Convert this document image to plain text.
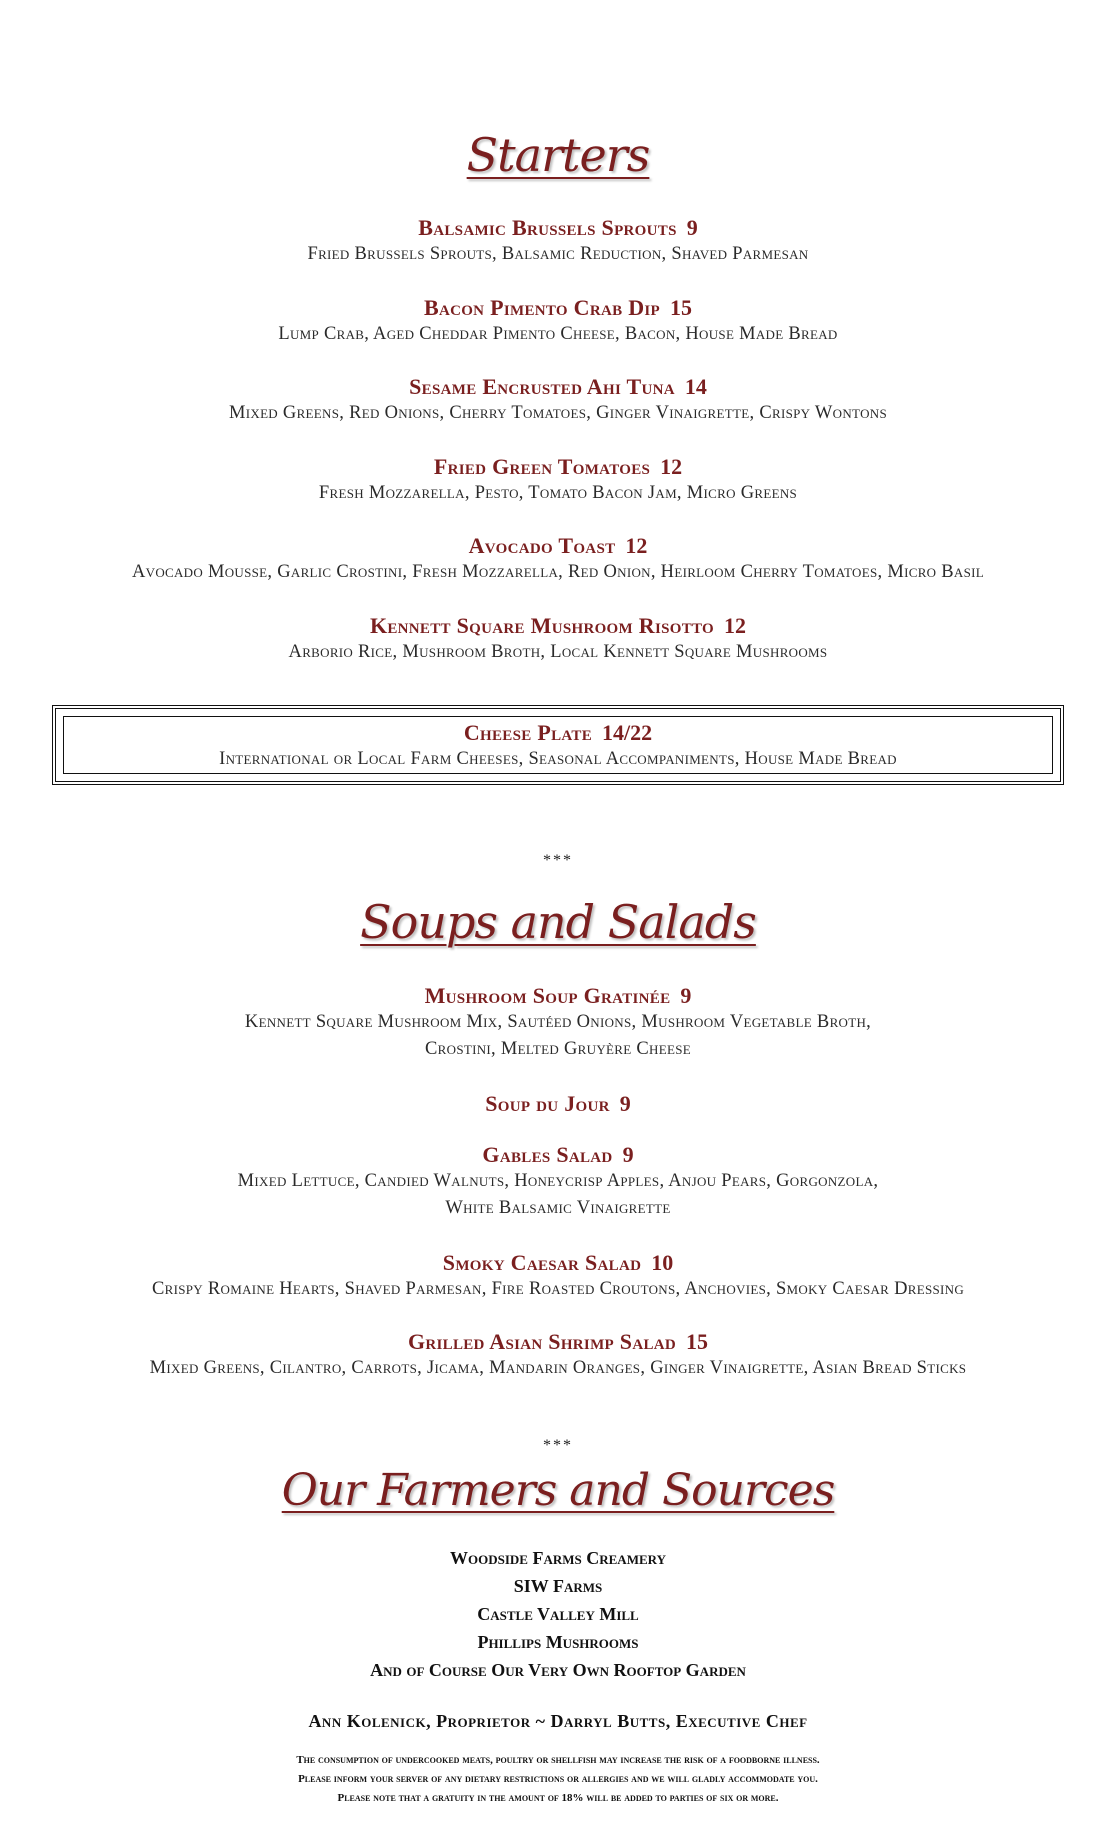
Starters
Balsamic Brussels Sprouts 9
Fried Brussels Sprouts, Balsamic Reduction, Shaved Parmesan
Bacon Pimento Crab Dip 15
Lump Crab, Aged Cheddar Pimento Cheese, Bacon, House Made Bread
Sesame Encrusted Ahi Tuna 14
Mixed Greens, Red Onions, Cherry Tomatoes, Ginger Vinaigrette, Crispy Wontons
Fried Green Tomatoes 12
Fresh Mozzarella, Pesto, Tomato Bacon Jam, Micro Greens
Avocado Toast 12
Avocado Mousse, Garlic Crostini, Fresh Mozzarella, Red Onion, Heirloom Cherry Tomatoes, Micro Basil
Kennett Square Mushroom Risotto 12
Arborio Rice, Mushroom Broth, Local Kennett Square Mushrooms
Cheese Plate 14/22
International or Local Farm Cheeses, Seasonal Accompaniments, House Made Bread
***
Soups and Salads
Mushroom Soup Gratinée 9
Kennett Square Mushroom Mix, Sautéed Onions, Mushroom Vegetable Broth,
Crostini, Melted Gruyère Cheese
Soup du Jour 9
Gables Salad 9
Mixed Lettuce, Candied Walnuts, Honeycrisp Apples, Anjou Pears, Gorgonzola,
White Balsamic Vinaigrette
Smoky Caesar Salad 10
Crispy Romaine Hearts, Shaved Parmesan, Fire Roasted Croutons, Anchovies, Smoky Caesar Dressing
Grilled Asian Shrimp Salad 15
Mixed Greens, Cilantro, Carrots, Jicama, Mandarin Oranges, Ginger Vinaigrette, Asian Bread Sticks
***
Our Farmers and Sources
Woodside Farms Creamery
SIW Farms
Castle Valley Mill
Phillips Mushrooms
And of Course Our Very Own Rooftop Garden
Ann Kolenick, Proprietor ~ Darryl Butts, Executive Chef
The consumption of undercooked meats, poultry or shellfish may increase the risk of a foodborne illness.
Please inform your server of any dietary restrictions or allergies and we will gladly accommodate you.
Please note that a gratuity in the amount of 18% will be added to parties of six or more.
